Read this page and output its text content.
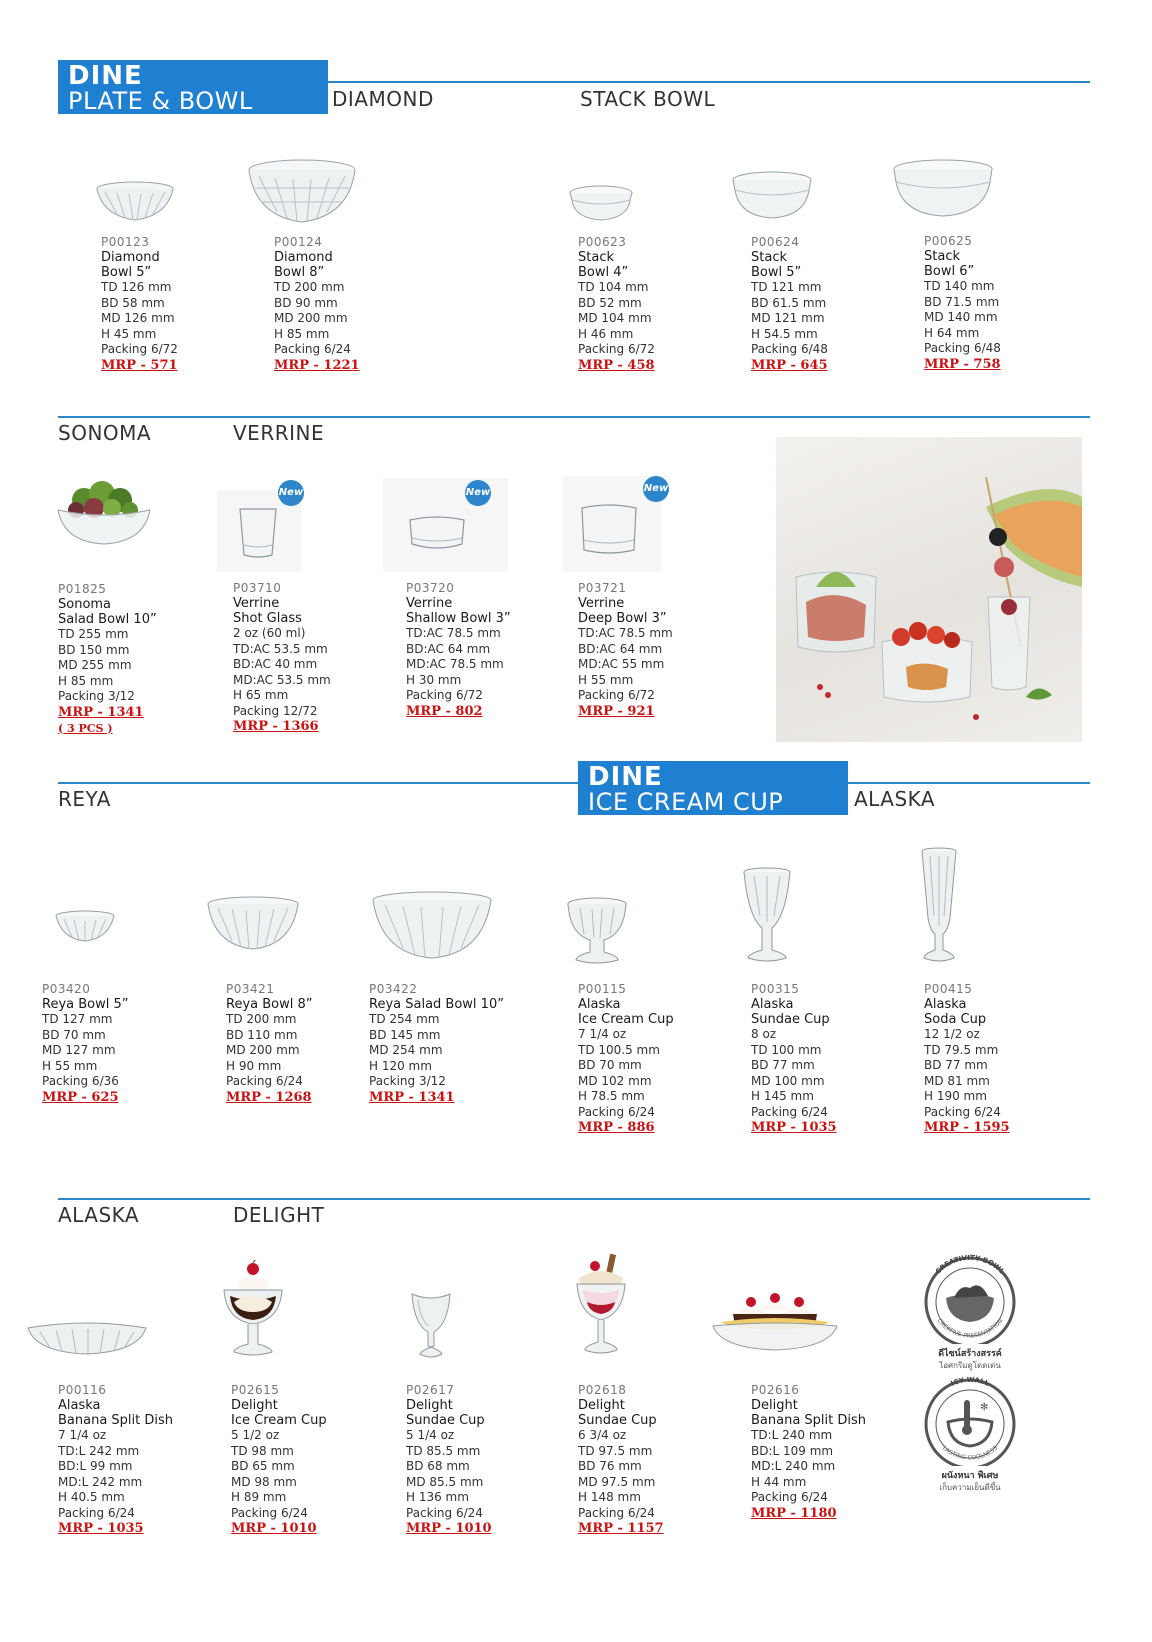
DINE
PLATE & BOWL	DIAMOND	STACK BOWL
SONOMA	VERRINE
REYA
DINE
ICE CREAM CUP	ALASKA
ALASKA	DELIGHT
New	New	New
CREATIVITY BOWL
CREATIVE PRESENTATION
ดีไซน์สร้างสรรค์
ไอศกรีมดูโดดเด่น
✻
ICY WALL
LASTING COOLNESS
ผนังหนา พิเศษ
เก็บความเย็นดีขึ้น
P00123
Diamond
Bowl 5”
TD 126 mm
BD 58 mm
MD 126 mm
H 45 mm
Packing 6/72
MRP - 571
P00124
Diamond
Bowl 8”
TD 200 mm
BD 90 mm
MD 200 mm
H 85 mm
Packing 6/24
MRP - 1221
P00623
Stack
Bowl 4”
TD 104 mm
BD 52 mm
MD 104 mm
H 46 mm
Packing 6/72
MRP - 458
P00624
Stack
Bowl 5”
TD 121 mm
BD 61.5 mm
MD 121 mm
H 54.5 mm
Packing 6/48
MRP - 645
P00625
Stack
Bowl 6”
TD 140 mm
BD 71.5 mm
MD 140 mm
H 64 mm
Packing 6/48
MRP - 758
P01825
Sonoma
Salad Bowl 10”
TD 255 mm
BD 150 mm
MD 255 mm
H 85 mm
Packing 3/12
MRP - 1341
( 3 PCS )
P03710
Verrine
Shot Glass
2 oz (60 ml)
TD:AC 53.5 mm
BD:AC 40 mm
MD:AC 53.5 mm
H 65 mm
Packing 12/72
MRP - 1366
P03720
Verrine
Shallow Bowl 3”
TD:AC 78.5 mm
BD:AC 64 mm
MD:AC 78.5 mm
H 30 mm
Packing 6/72
MRP - 802
P03721
Verrine
Deep Bowl 3”
TD:AC 78.5 mm
BD:AC 64 mm
MD:AC 55 mm
H 55 mm
Packing 6/72
MRP - 921
P03420
Reya Bowl 5”
TD 127 mm
BD 70 mm
MD 127 mm
H 55 mm
Packing 6/36
MRP - 625
P03421
Reya Bowl 8”
TD 200 mm
BD 110 mm
MD 200 mm
H 90 mm
Packing 6/24
MRP - 1268
P03422
Reya Salad Bowl 10”
TD 254 mm
BD 145 mm
MD 254 mm
H 120 mm
Packing 3/12
MRP - 1341
P00115
Alaska
Ice Cream Cup
7 1/4 oz
TD 100.5 mm
BD 70 mm
MD 102 mm
H 78.5 mm
Packing 6/24
MRP - 886
P00315
Alaska
Sundae Cup
8 oz
TD 100 mm
BD 77 mm
MD 100 mm
H 145 mm
Packing 6/24
MRP - 1035
P00415
Alaska
Soda Cup
12 1/2 oz
TD 79.5 mm
BD 77 mm
MD 81 mm
H 190 mm
Packing 6/24
MRP - 1595
P00116
Alaska
Banana Split Dish
7 1/4 oz
TD:L 242 mm
BD:L 99 mm
MD:L 242 mm
H 40.5 mm
Packing 6/24
MRP - 1035
P02615
Delight
Ice Cream Cup
5 1/2 oz
TD 98 mm
BD 65 mm
MD 98 mm
H 89 mm
Packing 6/24
MRP - 1010
P02617
Delight
Sundae Cup
5 1/4 oz
TD 85.5 mm
BD 68 mm
MD 85.5 mm
H 136 mm
Packing 6/24
MRP - 1010
P02618
Delight
Sundae Cup
6 3/4 oz
TD 97.5 mm
BD 76 mm
MD 97.5 mm
H 148 mm
Packing 6/24
MRP - 1157
P02616
Delight
Banana Split Dish
TD:L 240 mm
BD:L 109 mm
MD:L 240 mm
H 44 mm
Packing 6/24
MRP - 1180
